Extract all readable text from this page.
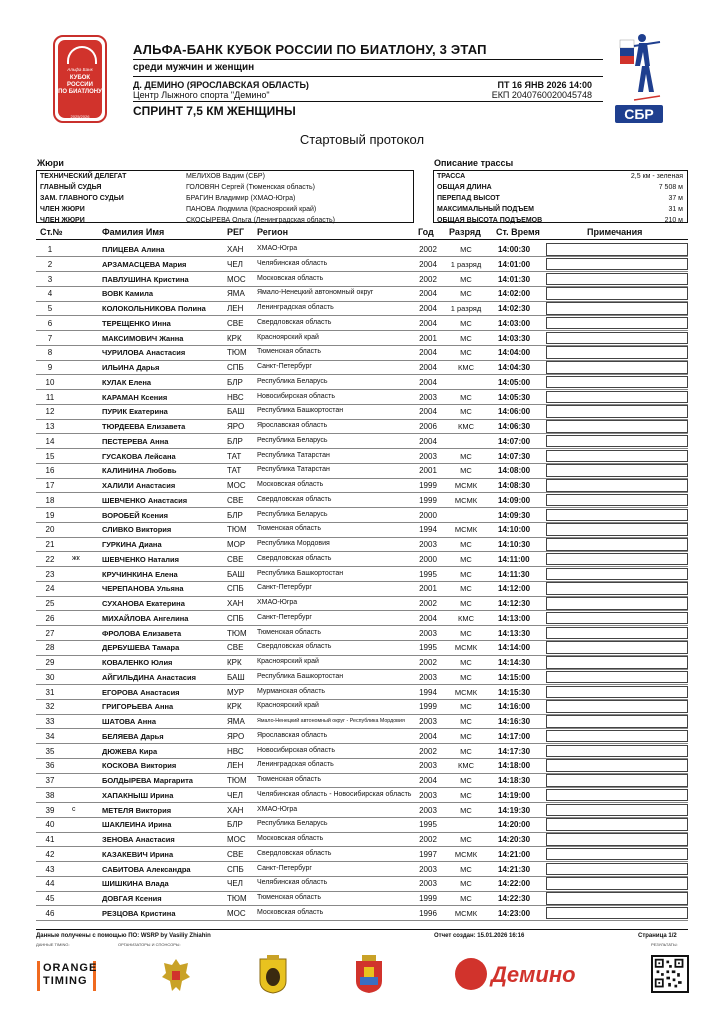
Альфа Банк
КУБОК
РОССИИ
ПО БИАТЛОНУ
2025/2026
АЛЬФА-БАНК КУБОК РОССИИ ПО БИАТЛОНУ, 3 ЭТАП
среди мужчин и женщин
Д. ДЕМИНО (ЯРОСЛАВСКАЯ ОБЛАСТЬ)
Центр Лыжного спорта "Демино"
ПТ 16 ЯНВ 2026 14:00
ЕКП 2040760020045748
СПРИНТ 7,5 КМ ЖЕНЩИНЫ	СБР
Стартовый протокол
Жюри
ТЕХНИЧЕСКИЙ ДЕЛЕГАТ	МЕЛИХОВ Вадим (СБР)
ГЛАВНЫЙ СУДЬЯ	ГОЛОВЯН Сергей (Тюменская область)
ЗАМ. ГЛАВНОГО СУДЬИ	БРАГИН Владимир (ХМАО-Югра)
ЧЛЕН ЖЮРИ	ПАНОВА Людмила (Красноярский край)
ЧЛЕН ЖЮРИ	СКОСЫРЕВА Ольга (Ленинградская область)
Описание трассы
ТРАССА	2,5 км - зеленая
ОБЩАЯ ДЛИНА	7 508 м
ПЕРЕПАД ВЫСОТ	37 м
МАКСИМАЛЬНЫЙ ПОДЪЕМ	31 м
ОБЩАЯ ВЫСОТА ПОДЪЕМОВ	210 м
Ст.№	Фамилия Имя	РЕГ Регион	Год Разряд Ст. Время	Примечания
1	ПЛИЦЕВА Алина	ХАН ХМАО-Югра	2002	МС	14:00:30
2	АРЗАМАСЦЕВА Мария	ЧЕЛ Челябинская область	2004	1 разряд	14:01:00
3	ПАВЛУШИНА Кристина	МОС Московская область	2002	МС	14:01:30
4	ВОВК Камила	ЯМА Ямало-Ненецкий автономный округ	2004	МС	14:02:00
5	КОЛОКОЛЬНИКОВА Полина	ЛЕН Ленинградская область	2004	1 разряд	14:02:30
6	ТЕРЕЩЕНКО Инна	СВЕ Свердловская область	2004	МС	14:03:00
7	МАКСИМОВИЧ Жанна	КРК Красноярский край	2001	МС	14:03:30
8	ЧУРИЛОВА Анастасия	ТЮМ Тюменская область	2004	МС	14:04:00
9	ИЛЬИНА Дарья	СПБ Санкт-Петербург	2004	КМС	14:04:30
10	КУЛАК Елена	БЛР Республика Беларусь	2004	14:05:00
11	КАРАМАН Ксения	НВС Новосибирская область	2003	МС	14:05:30
12	ПУРИК Екатерина	БАШ Республика Башкортостан	2004	МС	14:06:00
13	ТЮРДЕЕВА Елизавета	ЯРО Ярославская область	2006	КМС	14:06:30
14	ПЕСТЕРЕВА Анна	БЛР Республика Беларусь	2004	14:07:00
15	ГУСАКОВА Лейсана	ТАТ Республика Татарстан	2003	МС	14:07:30
16	КАЛИНИНА Любовь	ТАТ Республика Татарстан	2001	МС	14:08:00
17	ХАЛИЛИ Анастасия	МОС Московская область	1999	МСМК	14:08:30
18	ШЕВЧЕНКО Анастасия	СВЕ Свердловская область	1999	МСМК	14:09:00
19	ВОРОБЕЙ Ксения	БЛР Республика Беларусь	2000	14:09:30
20	СЛИВКО Виктория	ТЮМ Тюменская область	1994	МСМК	14:10:00
21	ГУРКИНА Диана	МОР Республика Мордовия	2003	МС	14:10:30
22	жк	ШЕВЧЕНКО Наталия	СВЕ Свердловская область	2000	МС	14:11:00
23	КРУЧИНКИНА Елена	БАШ Республика Башкортостан	1995	МС	14:11:30
24	ЧЕРЕПАНОВА Ульяна	СПБ Санкт-Петербург	2001	МС	14:12:00
25	СУХАНОВА Екатерина	ХАН ХМАО-Югра	2002	МС	14:12:30
26	МИХАЙЛОВА Ангелина	СПБ Санкт-Петербург	2004	КМС	14:13:00
27	ФРОЛОВА Елизавета	ТЮМ Тюменская область	2003	МС	14:13:30
28	ДЕРБУШЕВА Тамара	СВЕ Свердловская область	1995	МСМК	14:14:00
29	КОВАЛЕНКО Юлия	КРК Красноярский край	2002	МС	14:14:30
30	АЙГИЛЬДИНА Анастасия	БАШ Республика Башкортостан	2003	МС	14:15:00
31	ЕГОРОВА Анастасия	МУР Мурманская область	1994	МСМК	14:15:30
32	ГРИГОРЬЕВА Анна	КРК Красноярский край	1999	МС	14:16:00
33	ШАТОВА Анна	ЯМА Ямало-Ненецкий автономный округ - Республика Мордовия	2003	МС	14:16:30
34	БЕЛЯЕВА Дарья	ЯРО Ярославская область	2004	МС	14:17:00
35	ДЮЖЕВА Кира	НВС Новосибирская область	2002	МС	14:17:30
36	КОСКОВА Виктория	ЛЕН Ленинградская область	2003	КМС	14:18:00
37	БОЛДЫРЕВА Маргарита	ТЮМ Тюменская область	2004	МС	14:18:30
38	ХАПАКНЫШ Ирина	ЧЕЛ Челябинская область - Новосибирская область 2003	МС	14:19:00
39	с	МЕТЕЛЯ Виктория	ХАН ХМАО-Югра	2003	МС	14:19:30
40	ШАКЛЕИНА Ирина	БЛР Республика Беларусь	1995	14:20:00
41	ЗЕНОВА Анастасия	МОС Московская область	2002	МС	14:20:30
42	КАЗАКЕВИЧ Ирина	СВЕ Свердловская область	1997	МСМК	14:21:00
43	САБИТОВА Александра	СПБ Санкт-Петербург	2003	МС	14:21:30
44	ШИШКИНА Влада	ЧЕЛ Челябинская область	2003	МС	14:22:00
45	ДОВГАЯ Ксения	ТЮМ Тюменская область	1999	МС	14:22:30
46	РЕЗЦОВА Кристина	МОС Московская область	1996	МСМК	14:23:00
Данные получены с помощью ПО: WSRP by Vasiliy Zhiahin	Отчет создан: 15.01.2026 16:16	Страница 1/2
ДАННЫЕ TIMING:	ОРГАНИЗАТОРЫ И СПОНСОРЫ:	РЕЗУЛЬТАТЫ:
ORANGE
TIMING	Демино
